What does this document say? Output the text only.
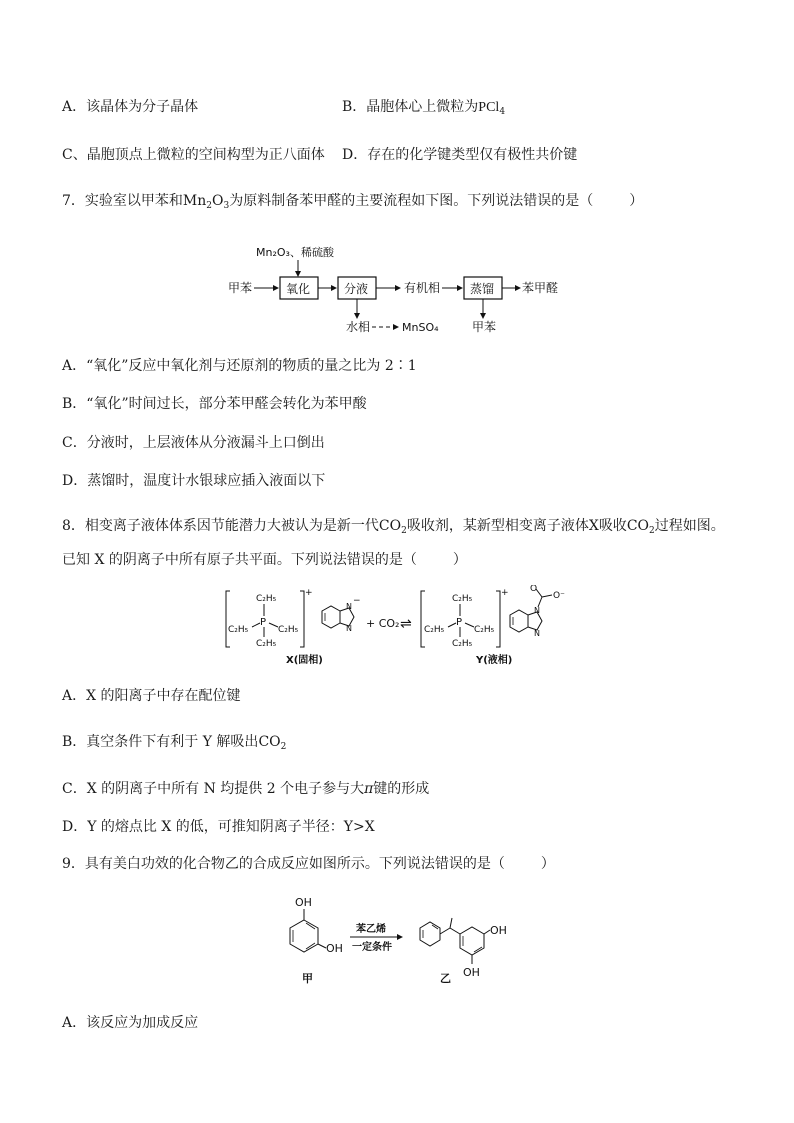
A．该晶体为分子晶体	B．晶胞体心上微粒为PCl$_4$
C、晶胞顶点上微粒的空间构型为正八面体 D．存在的化学键类型仅有极性共价键
7．实验室以甲苯和$Mn_2O_3$为原料制备苯甲醛的主要流程如下图。下列说法错误的是（	）
Mn₂O₃、稀硫酸
甲苯	氧化	分液	有机相 蒸馏 苯甲醛
水相	MnSO₄	甲苯
A．“氧化”反应中氧化剂与还原剂的物质的量之比为 2∶1
B．“氧化”时间过长，部分苯甲醛会转化为苯甲酸
C．分液时，上层液体从分液漏斗上口倒出
D．蒸馏时，温度计水银球应插入液面以下
8．相变离子液体体系因节能潜力大被认为是新一代$CO_2$吸收剂，某新型相变离子液体X吸收$CO_2$过程如图。
已知 X 的阴离子中所有原子共平面。下列说法错误的是（	）
+
C₂H₅
P
C₂H₅	C₂H₅
C₂H₅
N
−
N + CO₂ ⇌
+
C₂H₅
P
C₂H₅	C₂H₅
C₂H₅
N
N
O
O⁻
X(固相)	Y(液相)
A．X 的阳离子中存在配位键
B．真空条件下有利于 Y 解吸出$CO_2$
C．X 的阴离子中所有 N 均提供 2 个电子参与大π键的形成
D．Y 的熔点比 X 的低，可推知阴离子半径：Y>X
9．具有美白功效的化合物乙的合成反应如图所示。下列说法错误的是（	）
OH
OH
甲
苯乙烯
一定条件
OH
OH
乙
A．该反应为加成反应
